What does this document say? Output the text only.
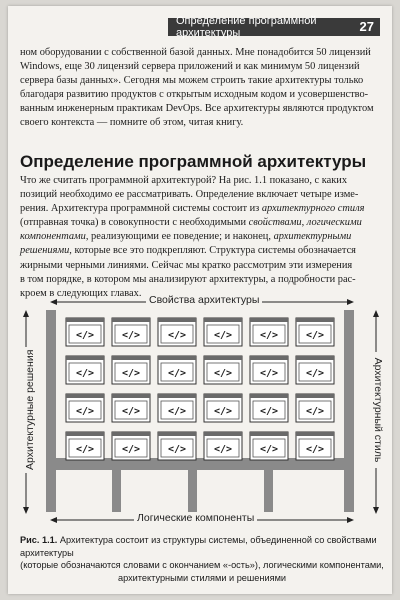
Определение программной архитектуры	27

ном оборудовании с собственной базой данных. Мне понадобится 50 лицензий

Windows, еще 30 лицензий сервера приложений и как минимум 50 лицензий

сервера базы данных». Сегодня мы можем строить такие архитектуры только

благодаря развитию продуктов с открытым исходным кодом и усовершенство-

ванным инженерным практикам DevOps. Все архитектуры являются продуктом

своего контекста — помните об этом, читая книгу.

Определение программной архитектуры

Что же считать программной архитектурой? На рис. 1.1 показано, с каких

позиций необходимо ее рассматривать. Определение включает четыре изме-

рения. Архитектура программной системы состоит из архитектурного стиля

(отправная точка) в совокупности с необходимыми свойствами, логическими

компонентами, реализующими ее поведение; и наконец, архитектурными

решениями, которые все это подкрепляют. Структура системы обозначается

жирными черными линиями. Сейчас мы кратко рассмотрим эти измерения

в том порядке, в котором мы анализируют архитектуры, а подробности рас-

кроем в следующих главах.

</>	</>	</>	</>	</>	</>
</>	</>	</>	</>	</>	</>
</>	</>	</>	</>	</>	</>
</>	</>	</>	</>	</>	</>
Свойства архитектуры
Логические компоненты
Архитектурные решения	Архитектурный стиль
Рис. 1.1. Архитектура состоит из структуры системы, объединенной со свойствами архитектуры
(которые обозначаются словами с окончанием «-ость»), логическими компонентами,
архитектурными стилями и решениями
